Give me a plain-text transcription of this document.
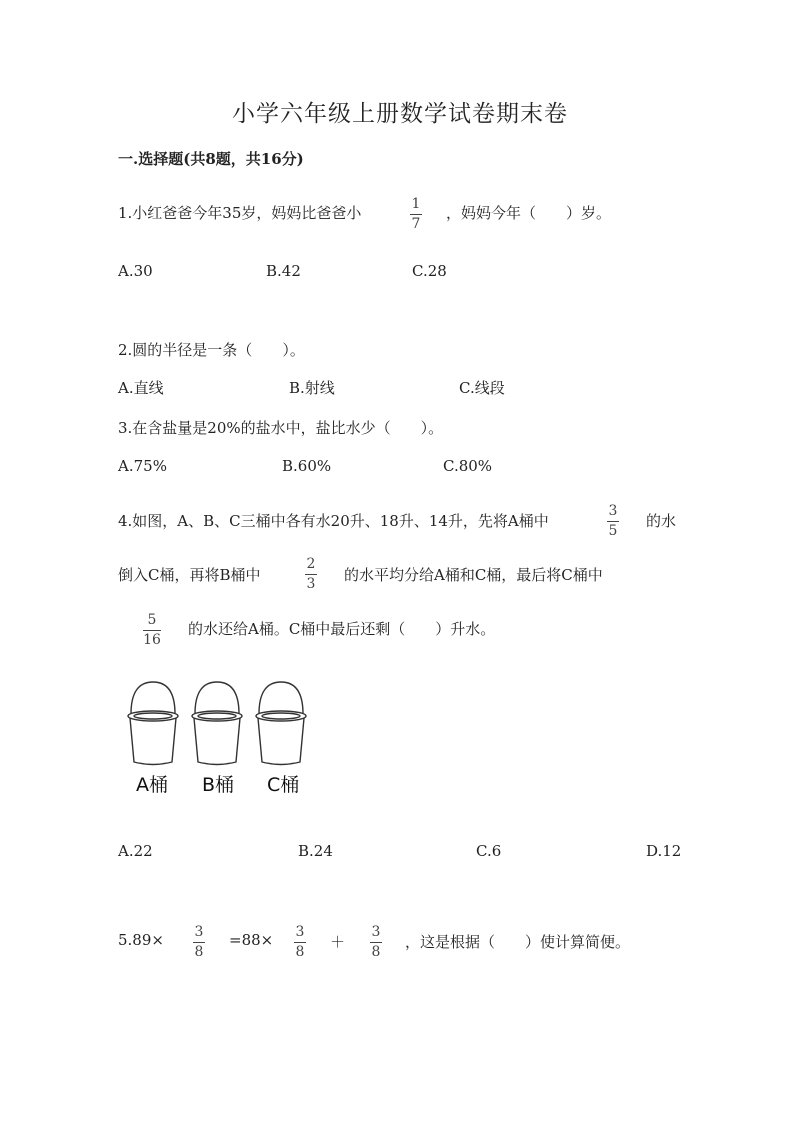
小学六年级上册数学试卷期末卷
一.选择题(共8题，共16分)
1.小红爸爸今年35岁，妈妈比爸爸小	1
7
，妈妈今年（　　）岁。
A.30	B.42	C.28
2.圆的半径是一条（　　）。
A.直线	B.射线	C.线段
3.在含盐量是20%的盐水中，盐比水少（　　）。
A.75%	B.60%	C.80%
4.如图，A、B、C三桶中各有水20升、18升、14升，先将A桶中
3
5
的水
倒入C桶，再将B桶中
2
3 的水平均分给A桶和C桶，最后将C桶中
5
16
的水还给A桶。C桶中最后还剩（　　）升水。
A桶 B桶 C桶
A.22	B.24	C.6	D.12
5.89× 3
8
=88× 3
8
＋
3
8
，这是根据（　　）使计算简便。
